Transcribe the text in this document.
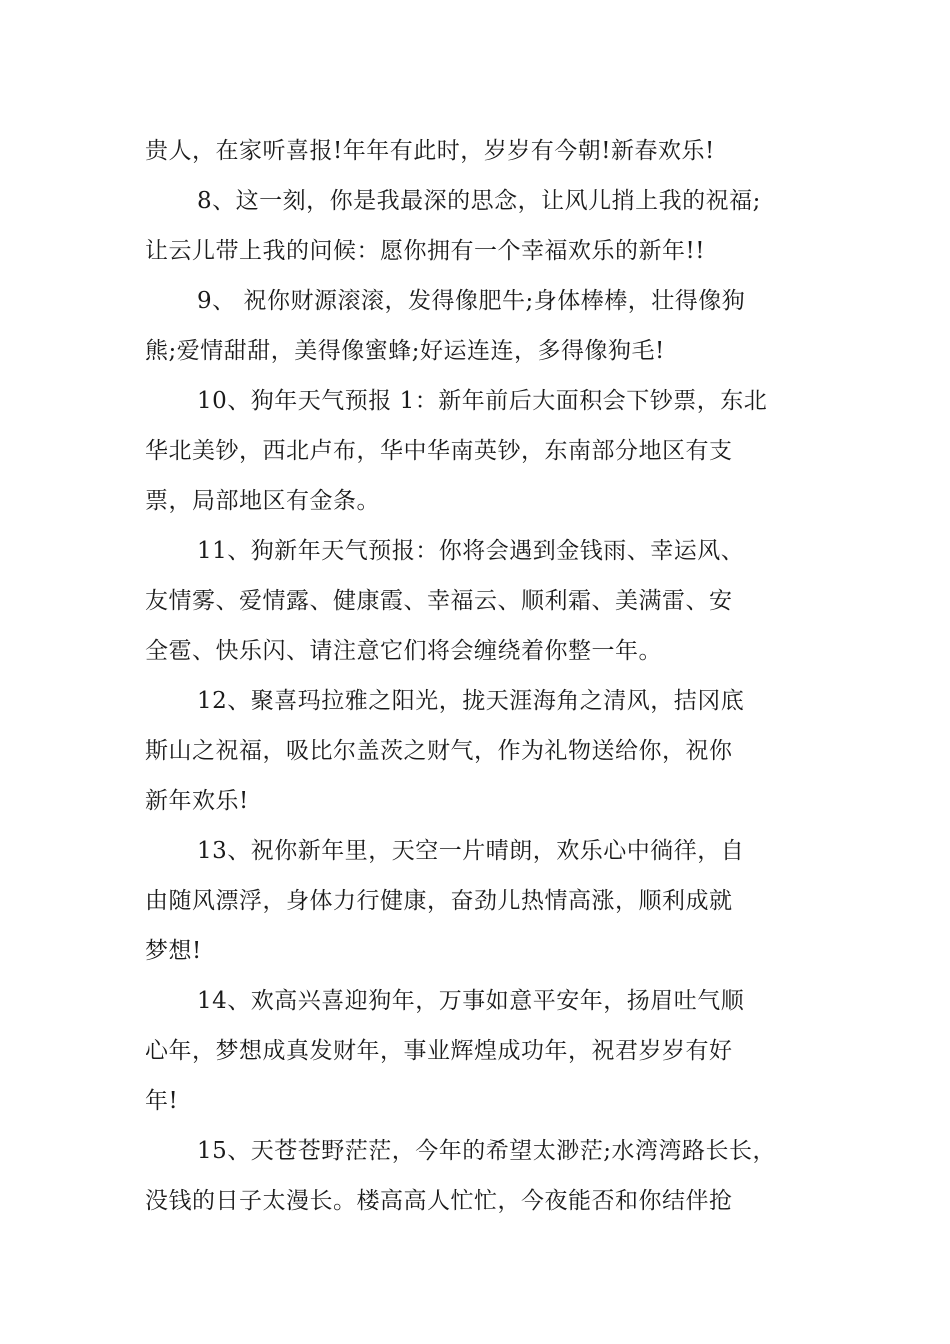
贵人，在家听喜报!年年有此时，岁岁有今朝!新春欢乐!
8、这一刻，你是我最深的思念，让风儿捎上我的祝福;
让云儿带上我的问候：愿你拥有一个幸福欢乐的新年!!
9、 祝你财源滚滚，发得像肥牛;身体棒棒，壮得像狗
熊;爱情甜甜，美得像蜜蜂;好运连连，多得像狗毛!
10、狗年天气预报 1：新年前后大面积会下钞票，东北
华北美钞，西北卢布，华中华南英钞，东南部分地区有支
票，局部地区有金条。
11、狗新年天气预报：你将会遇到金钱雨、幸运风、
友情雾、爱情露、健康霞、幸福云、顺利霜、美满雷、安
全雹、快乐闪、请注意它们将会缠绕着你整一年。
12、聚喜玛拉雅之阳光，拢天涯海角之清风，拮冈底
斯山之祝福，吸比尔盖茨之财气，作为礼物送给你，祝你
新年欢乐!
13、祝你新年里，天空一片晴朗，欢乐心中徜徉，自
由随风漂浮，身体力行健康，奋劲儿热情高涨，顺利成就
梦想!
14、欢高兴喜迎狗年，万事如意平安年，扬眉吐气顺
心年，梦想成真发财年，事业辉煌成功年，祝君岁岁有好
年!
15、天苍苍野茫茫，今年的希望太渺茫;水湾湾路长长，
没钱的日子太漫长。楼高高人忙忙，今夜能否和你结伴抢
